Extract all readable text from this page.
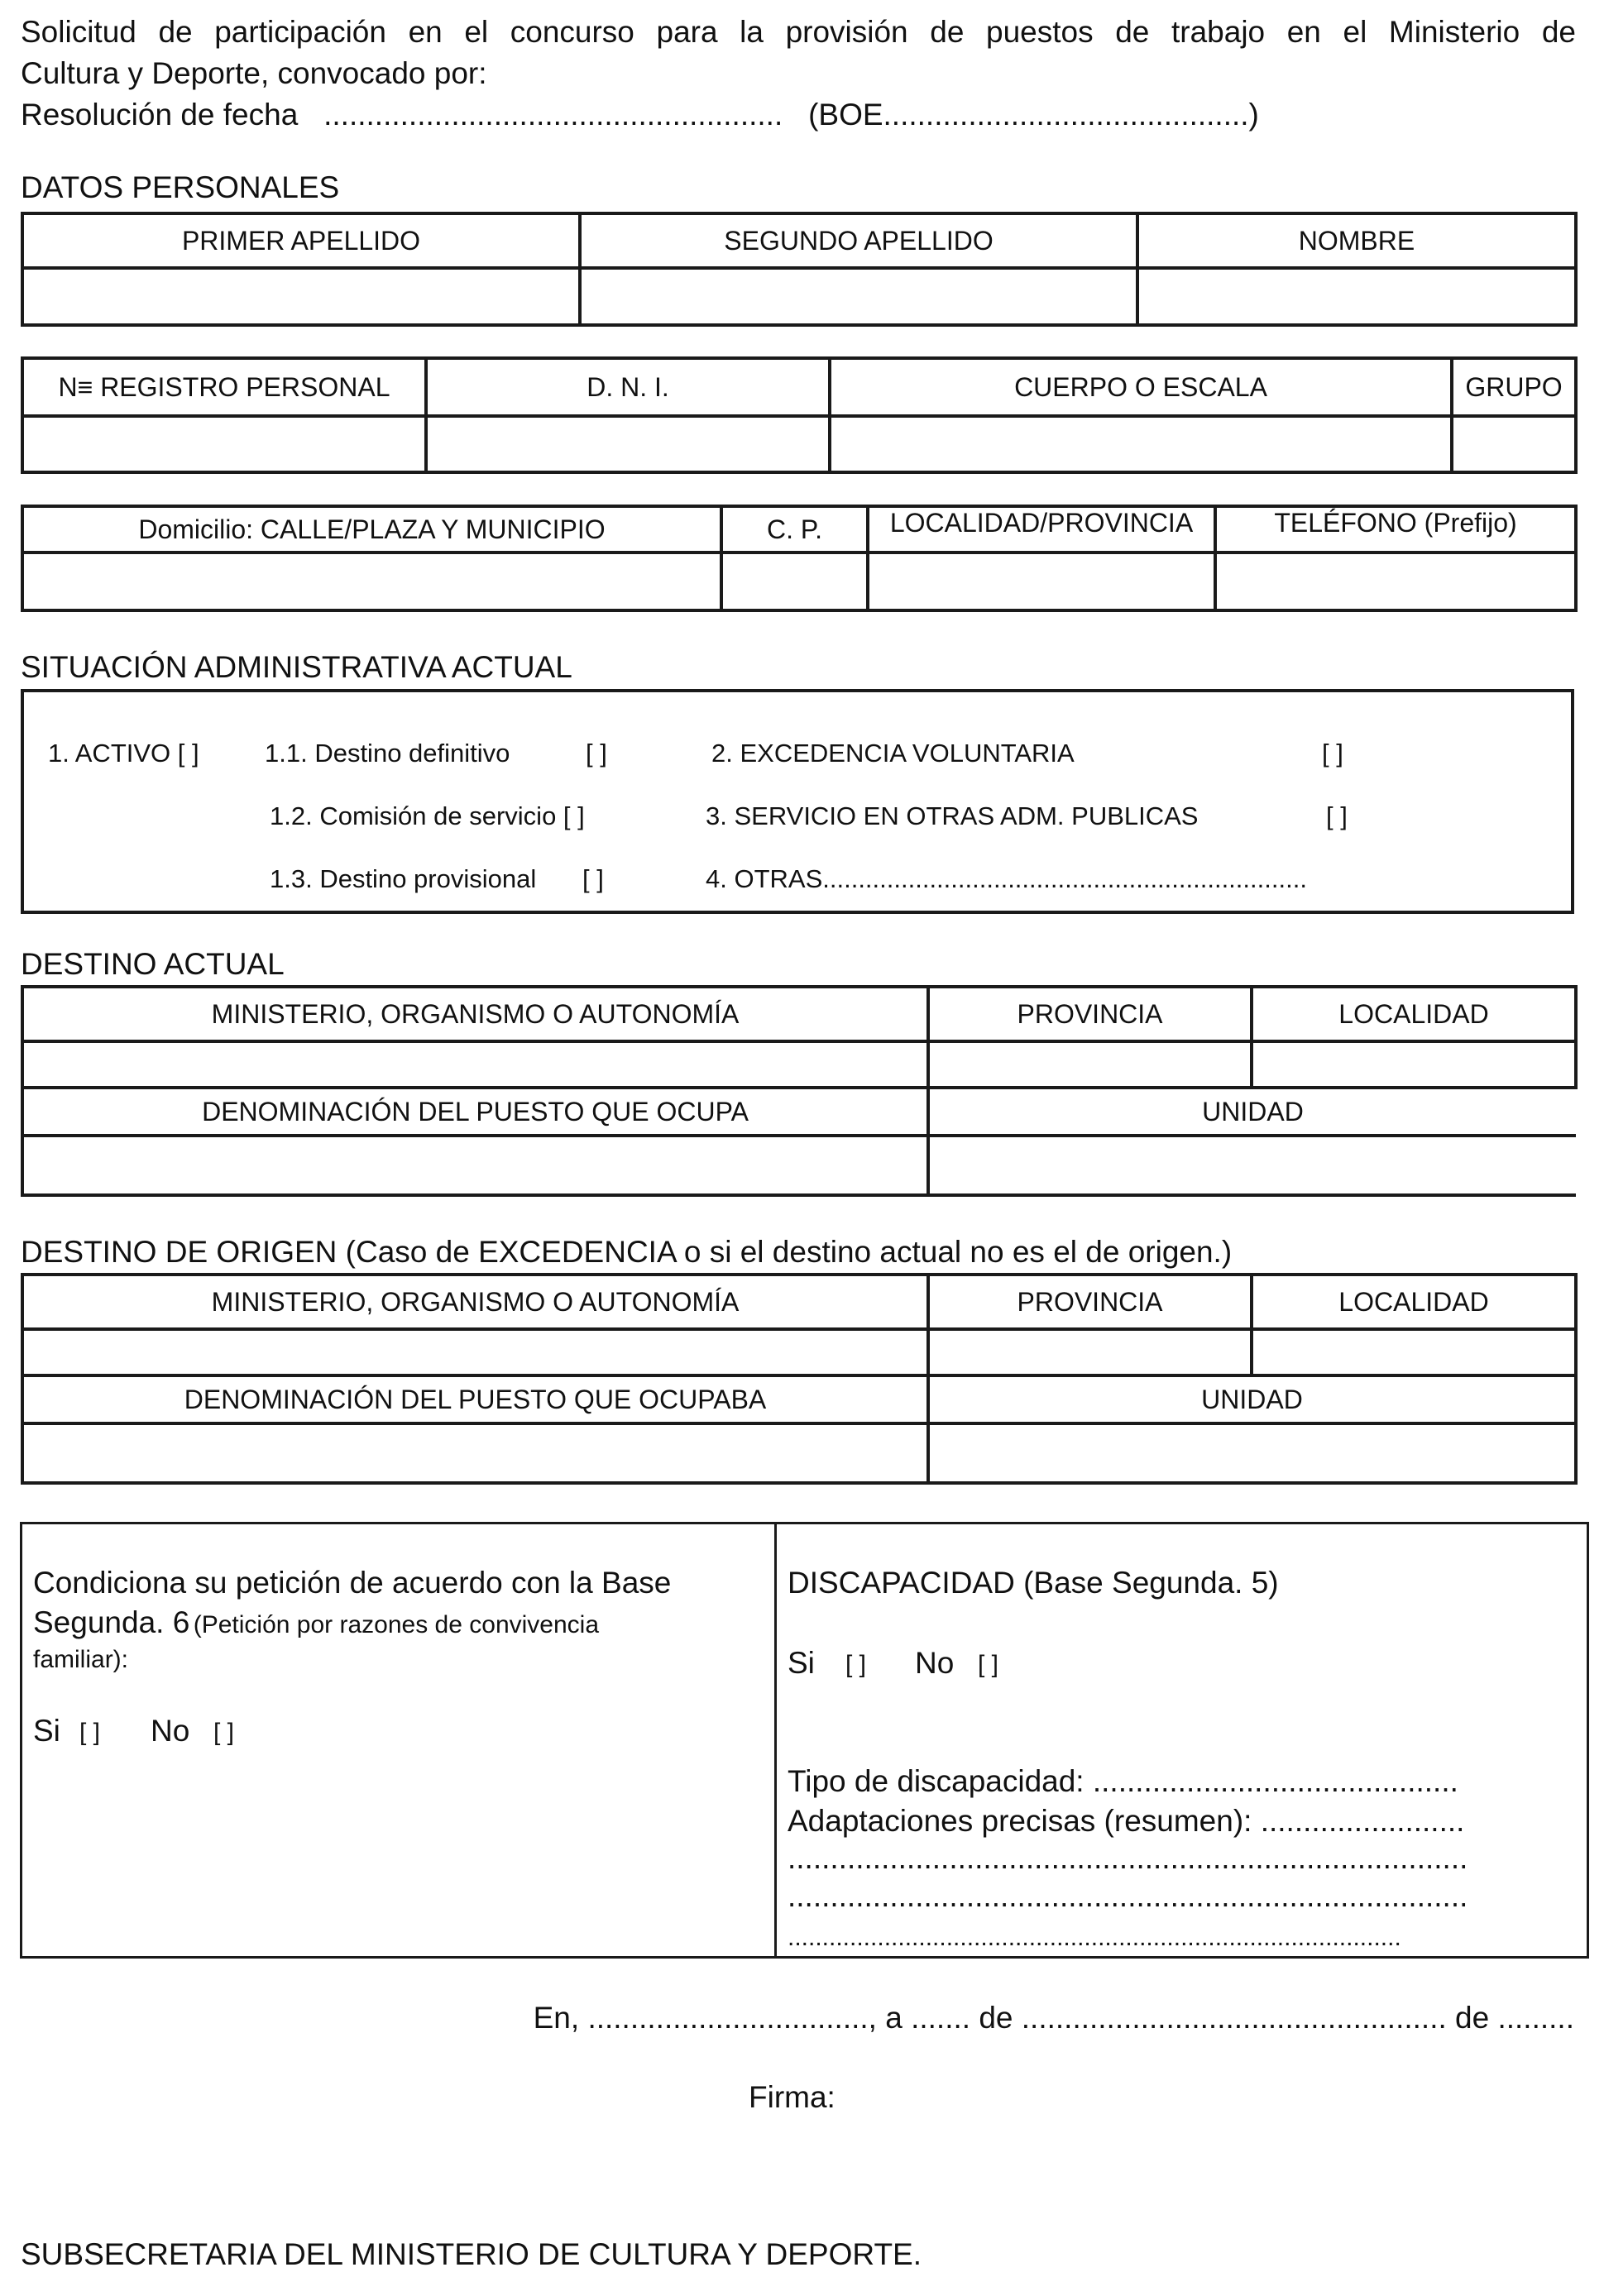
Solicitud de participación en el concurso para la provisión de puestos de trabajo en el Ministerio de
Cultura y Deporte, convocado por:
Resolución de fecha   ......................................................   (BOE...........................................)
DATOS PERSONALES
PRIMER APELLIDO	SEGUNDO APELLIDO	NOMBRE

N≡ REGISTRO PERSONAL	D. N. I.	CUERPO O ESCALA	GRUPO

Domicilio: CALLE/PLAZA Y MUNICIPIO	C. P.	LOCALIDAD/PROVINCIA	TELÉFONO (Prefijo)

SITUACIÓN ADMINISTRATIVA ACTUAL
1. ACTIVO [ ]	1.1. Destino definitivo	[ ]	2. EXCEDENCIA VOLUNTARIA	[ ]
1.2. Comisión de servicio [ ]	3. SERVICIO EN OTRAS ADM. PUBLICAS	[ ]
1.3. Destino provisional [ ]	4. OTRAS....................................................................
DESTINO ACTUAL
MINISTERIO, ORGANISMO O AUTONOMÍA	PROVINCIA	LOCALIDAD

DENOMINACIÓN DEL PUESTO QUE OCUPA	UNIDAD	

DESTINO DE ORIGEN (Caso de EXCEDENCIA o si el destino actual no es el de origen.)
MINISTERIO, ORGANISMO O AUTONOMÍA	PROVINCIA	LOCALIDAD

DENOMINACIÓN DEL PUESTO QUE OCUPABA	UNIDAD	

Condiciona su petición de acuerdo con la Base
Segunda. 6 (Petición por razones de convivencia
familiar):
Si [ ] No [ ]
DISCAPACIDAD (Base Segunda. 5)
Si [ ] No [ ]
Tipo de discapacidad: ...........................................
Adaptaciones precisas (resumen): ........................
................................................................................
................................................................................
.........................................................................................
En, ................................., a ....... de .................................................. de .........
Firma:
SUBSECRETARIA DEL MINISTERIO DE CULTURA Y DEPORTE.
